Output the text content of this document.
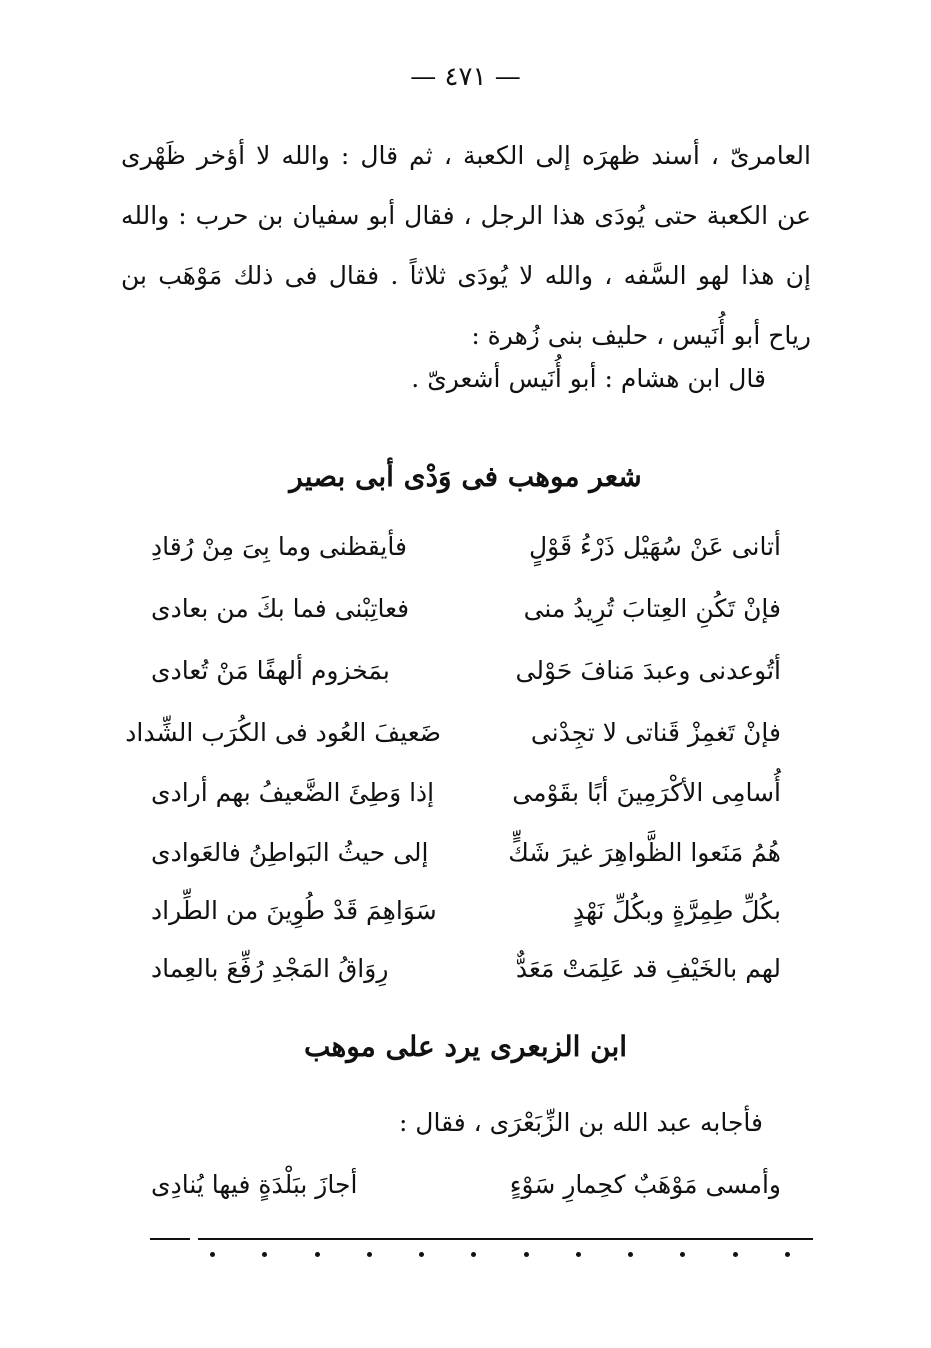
— ٤٧١ —
العامرىّ ، أسند ظهرَه إلى الكعبة ، ثم قال : والله لا أؤخر ظَهْرى عن الكعبة حتى يُودَى هذا الرجل ، فقال أبو سفيان بن حرب : والله إن هذا لهو السَّفه ، والله لا يُودَى ثلاثاً . فقال فى ذلك مَوْهَب بن رياح أبو أُنَيس ، حليف بنى زُهرة :
قال ابن هشام : أبو أُنَيس أشعرىّ .
شعر موهب فى وَدْى أبى بصير
أتانى عَنْ سُهَيْل ذَرْءُ قَوْلٍ
فأيقظنى وما بِىَ مِنْ رُقادِ
فإنْ تَكُنِ العِتابَ تُرِيدُ منى
فعاتِبْنى فما بكَ من بعادى
أتُوعدنى وعبدَ مَنافَ حَوْلى
بمَخزوم ألهفًا مَنْ تُعادى
فإنْ تَغمِزْ قَناتى لا تجِدْنى
ضَعيفَ العُود فى الكُرَب الشِّداد
أُسامِى الأكْرَمِينَ أبًا بقَوْمى
إذا وَطِئَ الضَّعيفُ بهم أرادى
هُمُ مَنَعوا الظَّواهِرَ غيرَ شَكٍّ
إلى حيثُ البَواطِنُ فالعَوادى
بكُلِّ طِمِرَّةٍ وبكُلِّ نَهْدٍ
سَوَاهِمَ قَدْ طُوِينَ من الطِّراد
لهم بالخَيْفِ قد عَلِمَتْ مَعَدٌّ
رِوَاقُ المَجْدِ رُفِّعَ بالعِماد
ابن الزبعرى يرد على موهب
فأجابه عبد الله بن الزِّبَعْرَى ، فقال :
وأمسى مَوْهَبٌ كحِمارِ سَوْءٍ
أجازَ ببَلْدَةٍ فيها يُنادِى
